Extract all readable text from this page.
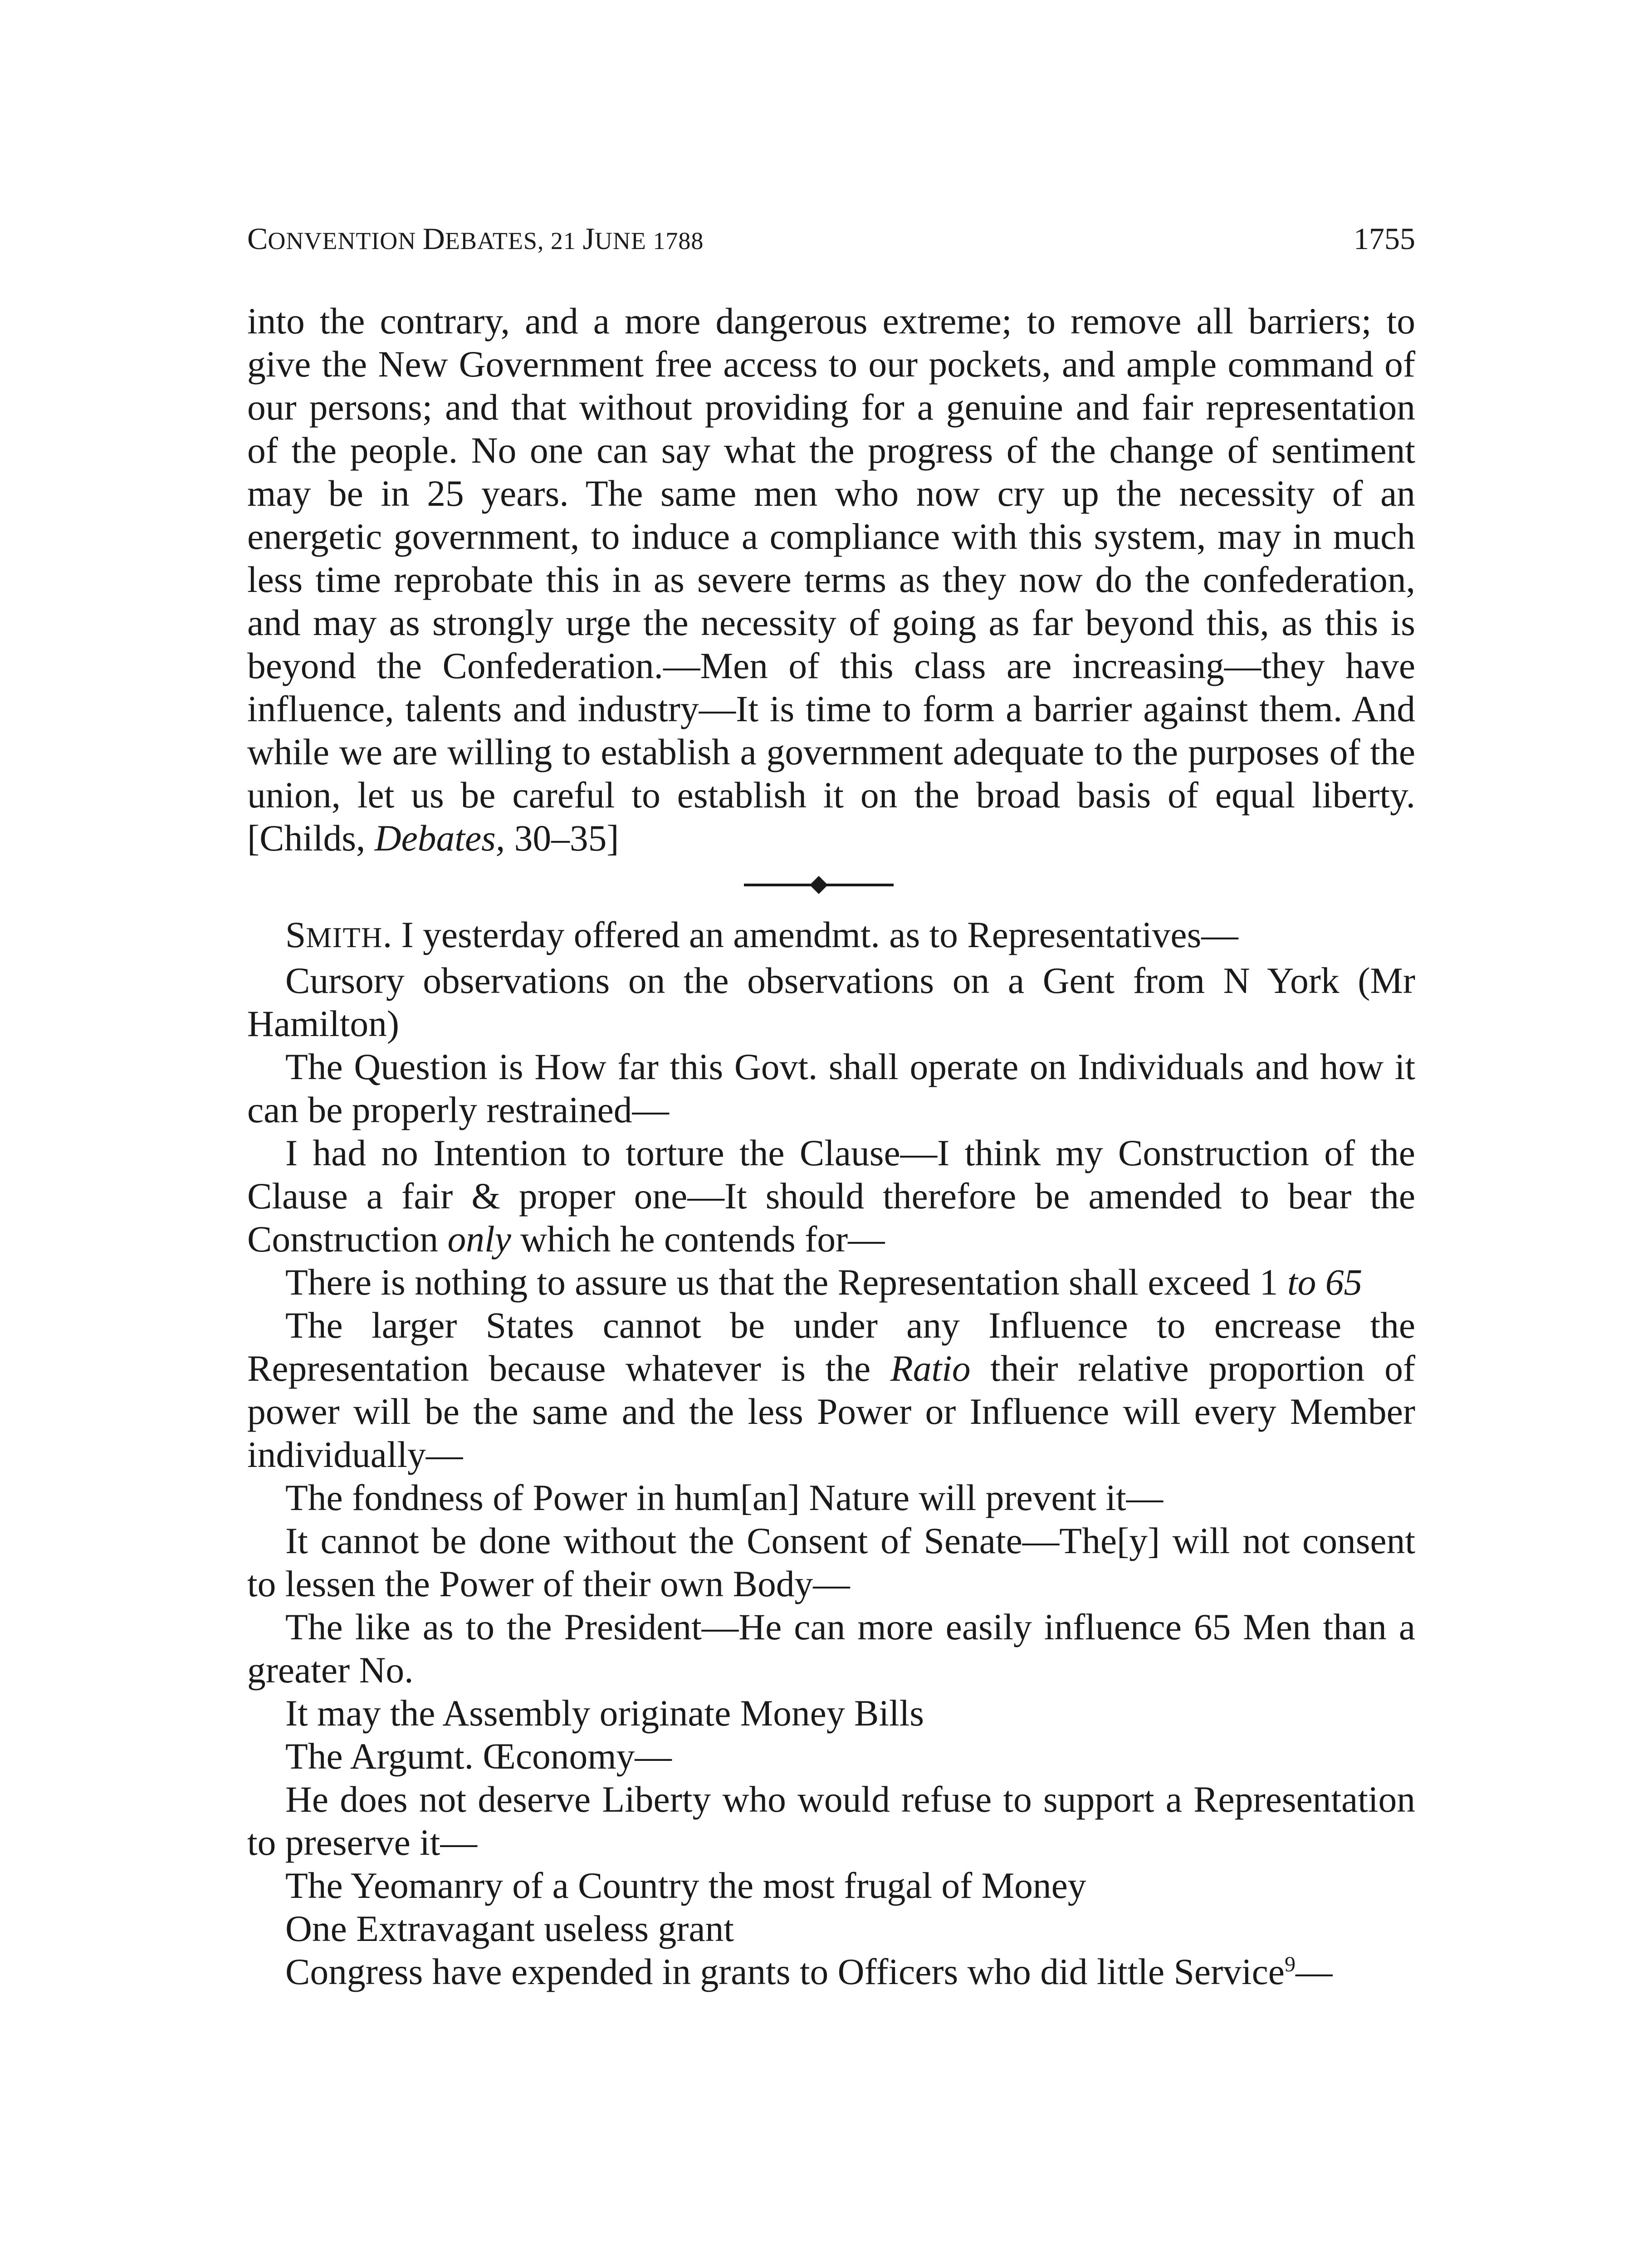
CONVENTION DEBATES, 21 JUNE 1788	1755

into the contrary, and a more dangerous extreme; to remove all barriers; to give the New Government free access to our pockets, and ample command of our persons; and that without providing for a genuine and fair representation of the people. No one can say what the progress of the change of sentiment may be in 25 years. The same men who now cry up the necessity of an energetic government, to induce a compliance with this system, may in much less time reprobate this in as severe terms as they now do the confederation, and may as strongly urge the necessity of going as far beyond this, as this is beyond the Confederation.—Men of this class are increasing—they have influence, talents and industry—It is time to form a barrier against them. And while we are willing to establish a government adequate to the purposes of the union, let us be careful to establish it on the broad basis of equal liberty. [Childs, Debates, 30–35]

SMITH. I yesterday offered an amendmt. as to Representatives—

Cursory observations on the observations on a Gent from N York (Mr Hamilton)

The Question is How far this Govt. shall operate on Individuals and how it can be properly restrained—

I had no Intention to torture the Clause—I think my Construction of the Clause a fair & proper one—It should therefore be amended to bear the Construction only which he contends for—

There is nothing to assure us that the Representation shall exceed 1 to 65

The larger States cannot be under any Influence to encrease the Representation because whatever is the Ratio their relative proportion of power will be the same and the less Power or Influence will every Member individually—

The fondness of Power in hum[an] Nature will prevent it—

It cannot be done without the Consent of Senate—The[y] will not consent to lessen the Power of their own Body—

The like as to the President—He can more easily influence 65 Men than a greater No.

It may the Assembly originate Money Bills

The Argumt. Œconomy—

He does not deserve Liberty who would refuse to support a Representation to preserve it—

The Yeomanry of a Country the most frugal of Money

One Extravagant useless grant

Congress have expended in grants to Officers who did little Service$^9$—
